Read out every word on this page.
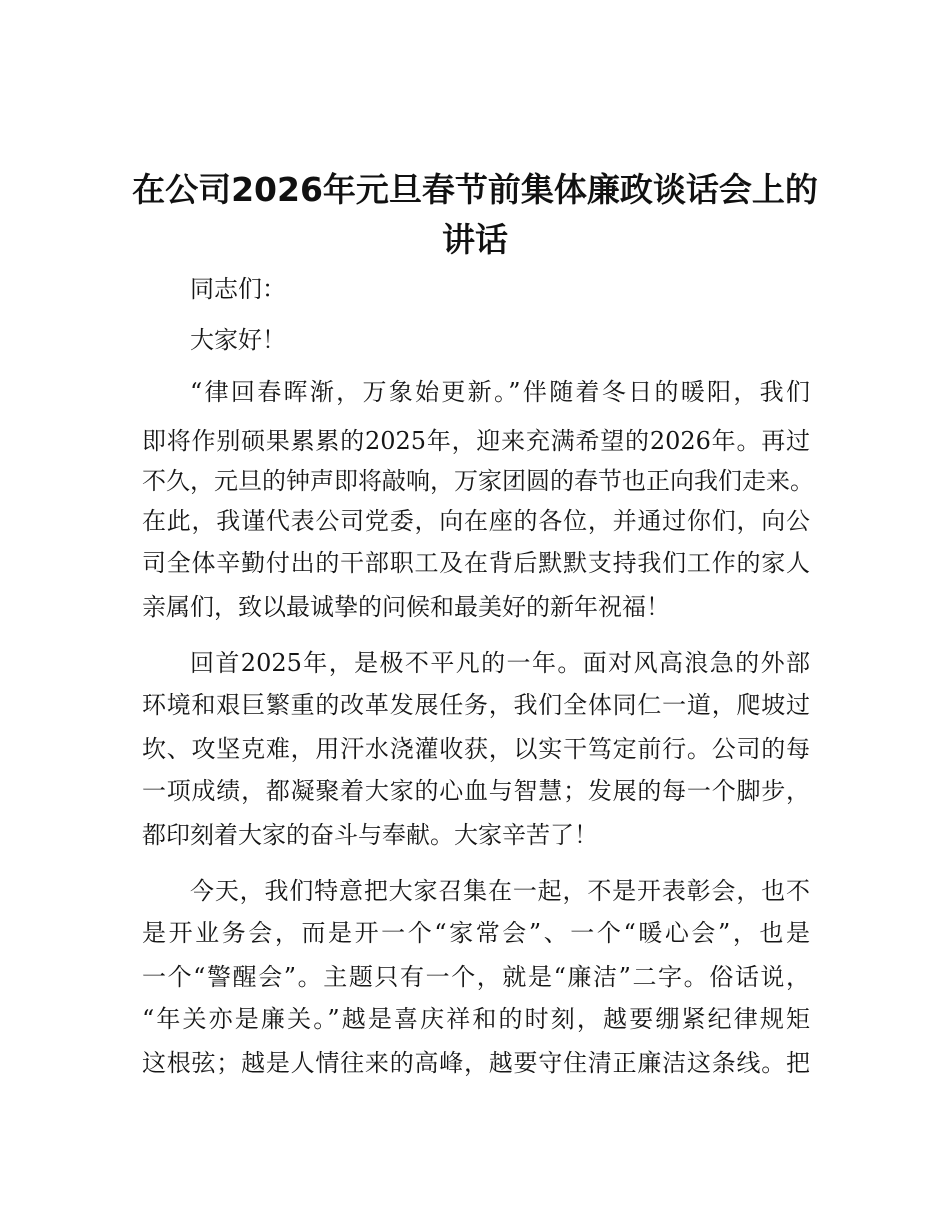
在公司2026年元旦春节前集体廉政谈话会上的
讲话
同志们：
大家好！
“律回春晖渐，万象始更新。”伴随着冬日的暖阳，我们
即将作别硕果累累的2025年，迎来充满希望的2026年。再过
不久，元旦的钟声即将敲响，万家团圆的春节也正向我们走来。
在此，我谨代表公司党委，向在座的各位，并通过你们，向公
司全体辛勤付出的干部职工及在背后默默支持我们工作的家人
亲属们，致以最诚挚的问候和最美好的新年祝福！
回首2025年，是极不平凡的一年。面对风高浪急的外部
环境和艰巨繁重的改革发展任务，我们全体同仁一道，爬坡过
坎、攻坚克难，用汗水浇灌收获，以实干笃定前行。公司的每
一项成绩，都凝聚着大家的心血与智慧；发展的每一个脚步，
都印刻着大家的奋斗与奉献。大家辛苦了！
今天，我们特意把大家召集在一起，不是开表彰会，也不
是开业务会，而是开一个“家常会”、一个“暖心会”，也是
一个“警醒会”。主题只有一个，就是“廉洁”二字。俗话说，
“年关亦是廉关。”越是喜庆祥和的时刻，越要绷紧纪律规矩
这根弦；越是人情往来的高峰，越要守住清正廉洁这条线。把
